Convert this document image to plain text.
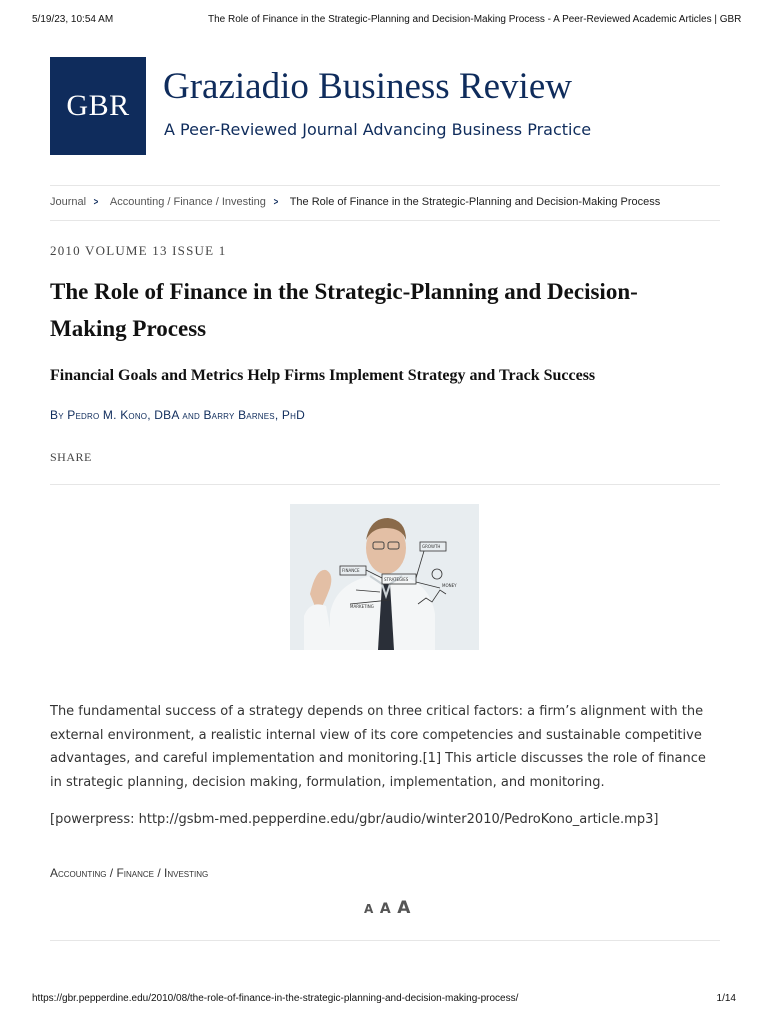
5/19/23, 10:54 AM	The Role of Finance in the Strategic-Planning and Decision-Making Process - A Peer-Reviewed Academic Articles | GBR
GBR Graziadio Business Review
A Peer-Reviewed Journal Advancing Business Practice
Journal > Accounting / Finance / Investing > The Role of Finance in the Strategic-Planning and Decision-Making Process
2010 VOLUME 13 ISSUE 1
The Role of Finance in the Strategic-Planning and Decision-Making Process
Financial Goals and Metrics Help Firms Implement Strategy and Track Success
By Pedro M. Kono, DBA and Barry Barnes, PhD
SHARE
GROWTH
STRATEGIES
MONEY
MARKETING
FINANCE

The fundamental success of a strategy depends on three critical factors: a firm’s alignment with the external environment, a realistic internal view of its core competencies and sustainable competitive advantages, and careful implementation and monitoring.[1] This article discusses the role of finance in strategic planning, decision making, formulation, implementation, and monitoring.

[powerpress: http://gsbm-med.pepperdine.edu/gbr/audio/winter2010/PedroKono_article.mp3]

Accounting / Finance / Investing
A A A
https://gbr.pepperdine.edu/2010/08/the-role-of-finance-in-the-strategic-planning-and-decision-making-process/	1/14
